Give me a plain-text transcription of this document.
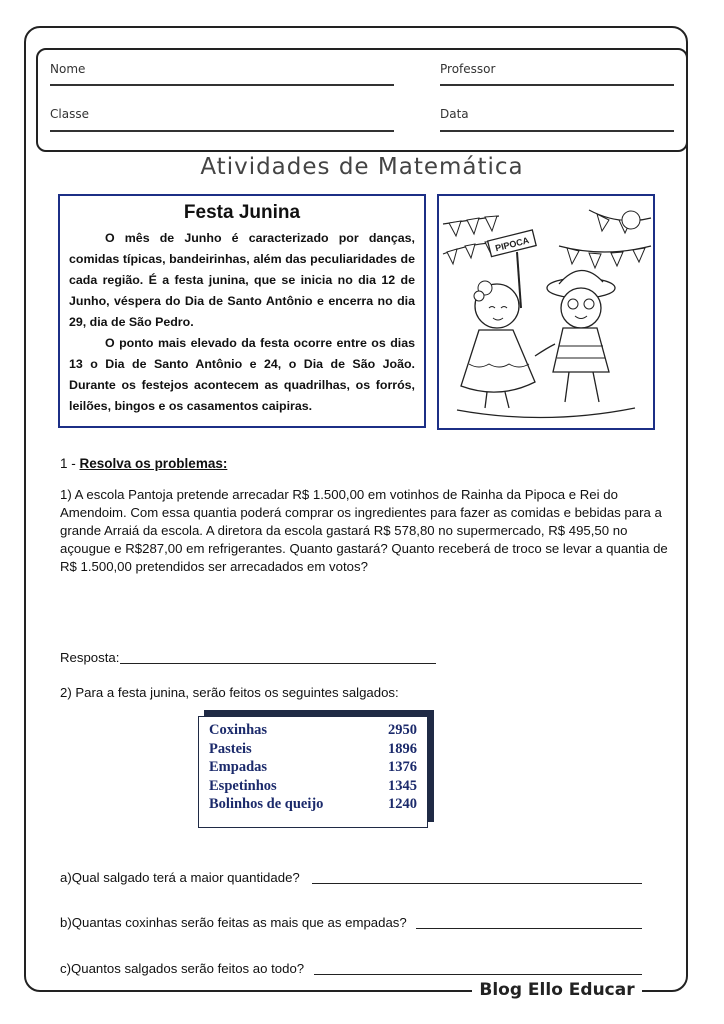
Blog Ello Educar
Nome	Professor
Classe	Data
Atividades de Matemática
Festa Junina

O mês de Junho é caracterizado por danças, comidas típicas, bandeirinhas, além das peculiaridades de cada região. É a festa junina, que se inicia no dia 12 de Junho, véspera do Dia de Santo Antônio e encerra no dia 29, dia de São Pedro.

O ponto mais elevado da festa ocorre entre os dias 13 o Dia de Santo Antônio e 24, o Dia de São João. Durante os festejos acontecem as quadrilhas, os forrós, leilões, bingos e os casamentos caipiras.

PIPOCA
1 - Resolva os problemas:

1) A escola Pantoja pretende arrecadar R$ 1.500,00 em votinhos de Rainha da Pipoca e Rei do Amendoim. Com essa quantia poderá comprar os ingredientes para fazer as comidas e bebidas para a grande Arraiá da escola. A diretora da escola gastará R$ 578,80 no supermercado, R$ 495,50 no açougue e R$287,00 em refrigerantes. Quanto gastará? Quanto receberá de troco se levar a quantia de R$ 1.500,00 pretendidos ser arrecadados em votos?

Resposta:
2) Para a festa junina, serão feitos os seguintes salgados:
Coxinhas	2950
Pasteis	1896
Empadas	1376
Espetinhos	1345
Bolinhos de queijo	1240
a)Qual salgado terá a maior quantidade?
b)Quantas coxinhas serão feitas as mais que as empadas?
c)Quantos salgados serão feitos ao todo?
